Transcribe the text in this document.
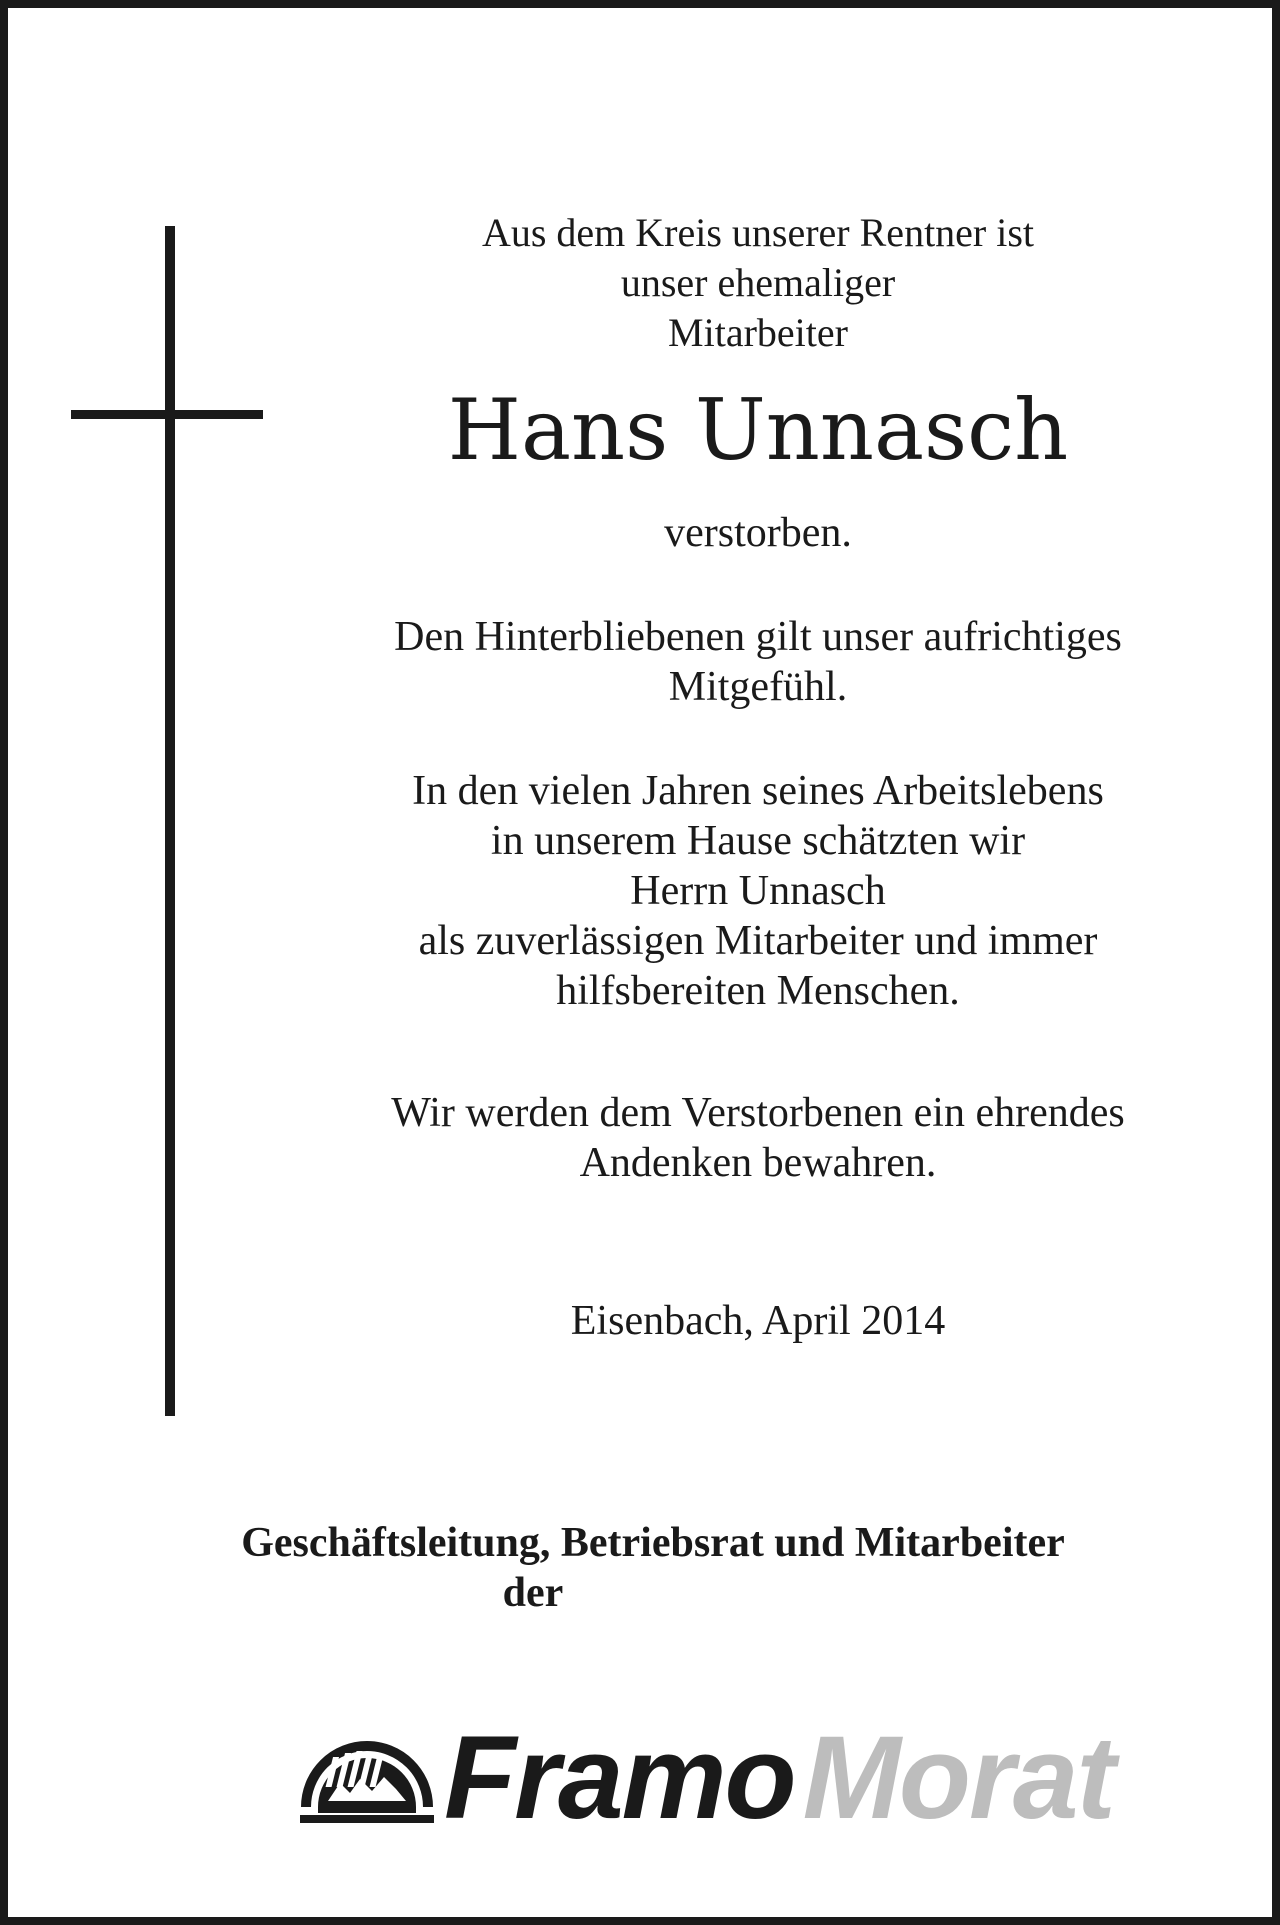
Aus dem Kreis unserer Rentner ist
unser ehemaliger
Mitarbeiter

Hans Unnasch

verstorben.

Den Hinterbliebenen gilt unser aufrichtiges
Mitgefühl.

In den vielen Jahren seines Arbeitslebens
in unserem Hause schätzten wir
Herrn Unnasch
als zuverlässigen Mitarbeiter und immer
hilfsbereiten Menschen.

Wir werden dem Verstorbenen ein ehrendes
Andenken bewahren.

Eisenbach, April 2014

Geschäftsleitung, Betriebsrat und Mitarbeiter
der
FramoMorat
